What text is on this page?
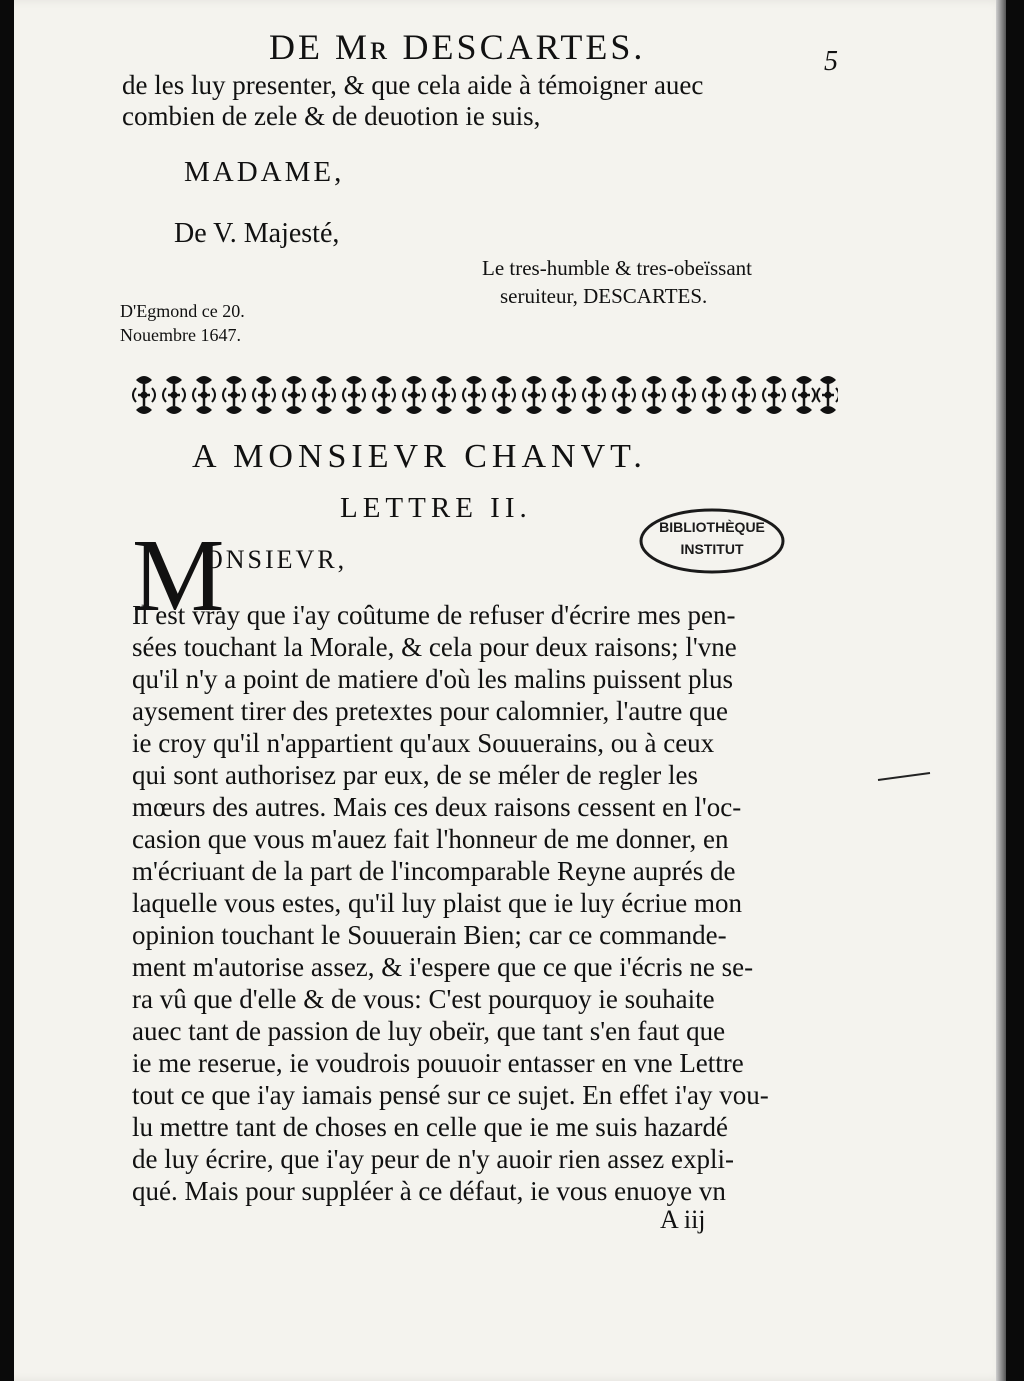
DE Mʀ DESCARTES.	5
de les luy presenter, & que cela aide à témoigner auec
combien de zele & de deuotion ie suis,
MADAME,
De V. Majesté,
Le tres-humble & tres-obeïssant
seruiteur, DESCARTES.
D'Egmond ce 20.
Nouembre 1647.
A MONSIEVR CHANVT.
LETTRE II.
M
ONSIEVR,
BIBLIOTHÈQUE
INSTITUT
Il est vray que i'ay coûtume de refuser d'écrire mes pen-
sées touchant la Morale, & cela pour deux raisons; l'vne
qu'il n'y a point de matiere d'où les malins puissent plus
aysement tirer des pretextes pour calomnier, l'autre que
ie croy qu'il n'appartient qu'aux Souuerains, ou à ceux
qui sont authorisez par eux, de se méler de regler les
mœurs des autres. Mais ces deux raisons cessent en l'oc-
casion que vous m'auez fait l'honneur de me donner, en
m'écriuant de la part de l'incomparable Reyne auprés de
laquelle vous estes, qu'il luy plaist que ie luy écriue mon
opinion touchant le Souuerain Bien; car ce commande-
ment m'autorise assez, & i'espere que ce que i'écris ne se-
ra vû que d'elle & de vous: C'est pourquoy ie souhaite
auec tant de passion de luy obeïr, que tant s'en faut que
ie me reserue, ie voudrois pouuoir entasser en vne Lettre
tout ce que i'ay iamais pensé sur ce sujet. En effet i'ay vou-
lu mettre tant de choses en celle que ie me suis hazardé
de luy écrire, que i'ay peur de n'y auoir rien assez expli-
qué. Mais pour suppléer à ce défaut, ie vous enuoye vn
A iij
